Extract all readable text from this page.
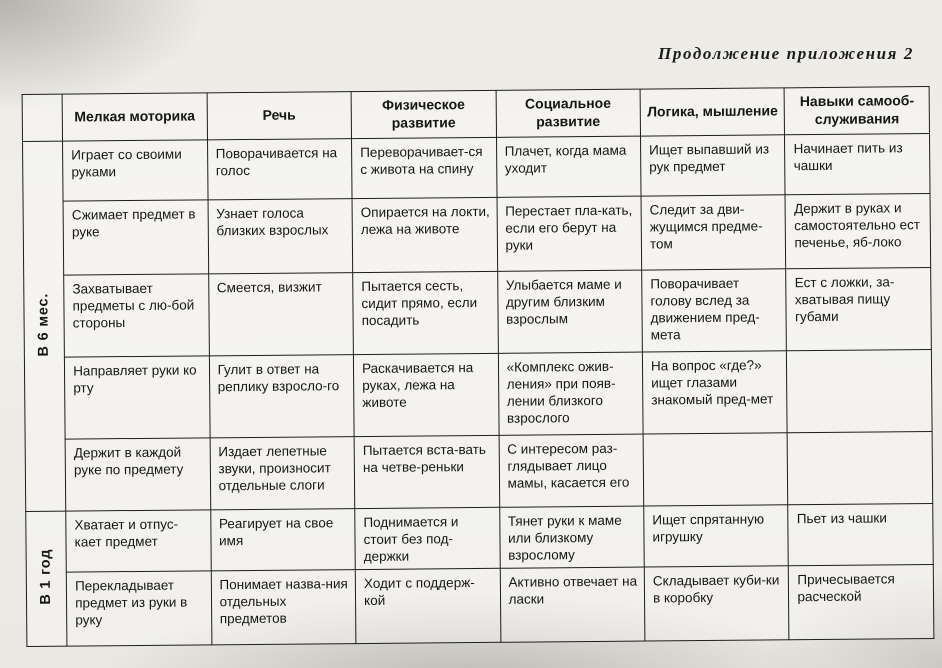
Продолжение приложения 2
	Мелкая моторика	Речь	Физическое развитие	Социальное развитие	Логика, мышление	Навыки самооб-служивания
В 6 мес.	Играет со своими руками	Поворачивается на голос	Переворачивает-ся с живота на спину	Плачет, когда мама уходит	Ищет выпавший из рук предмет	Начинает пить из чашки
	Сжимает предмет в руке	Узнает голоса близких взрослых	Опирается на локти, лежа на животе	Перестает пла-кать, если его берут на руки	Следит за дви-жущимся предме-том	Держит в руках и самостоятельно ест печенье, яб-локо
	Захватывает предметы с лю-бой стороны	Смеется, визжит	Пытается сесть, сидит прямо, если посадить	Улыбается маме и другим близким взрослым	Поворачивает голову вслед за движением пред-мета	Ест с ложки, за-хватывая пищу губами
	Направляет руки ко рту	Гулит в ответ на реплику взросло-го	Раскачивается на руках, лежа на животе	«Комплекс ожив-ления» при появ-лении близкого взрослого	На вопрос «где?» ищет глазами знакомый пред-мет	
	Держит в каждой руке по предмету	Издает лепетные звуки, произносит отдельные слоги	Пытается вста-вать на четве-реньки	С интересом раз-глядывает лицо мамы, касается его		
В 1 год	Хватает и отпус-кает предмет	Реагирует на свое имя	Поднимается и стоит без под-держки	Тянет руки к маме или близкому взрослому	Ищет спрятанную игрушку	Пьет из чашки
	Перекладывает предмет из руки в руку	Понимает назва-ния отдельных предметов	Ходит с поддерж-кой	Активно отвечает на ласки	Складывает куби-ки в коробку	Причесывается расческой
